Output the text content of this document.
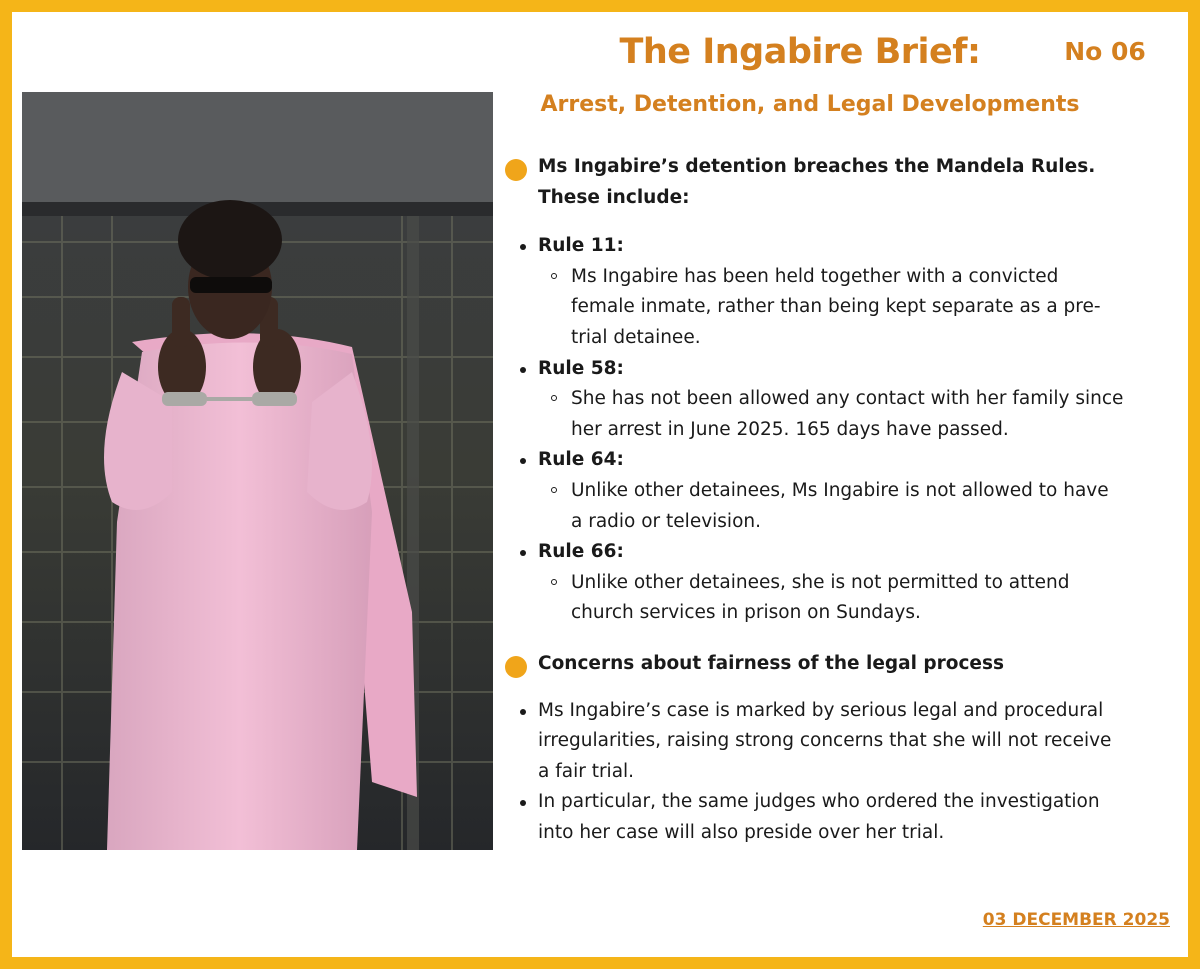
The Ingabire Brief:	No 06
Arrest, Detention, and Legal Developments
Ms Ingabire’s detention breaches the Mandela Rules. These include:
Rule 11:
Ms Ingabire has been held together with a convicted female inmate, rather than being kept separate as a pre-trial detainee.
Rule 58:
She has not been allowed any contact with her family since her arrest in June 2025. 165 days have passed.
Rule 64:
Unlike other detainees, Ms Ingabire is not allowed to have a radio or television.
Rule 66:
Unlike other detainees, she is not permitted to attend church services in prison on Sundays.
Concerns about fairness of the legal process
Ms Ingabire’s case is marked by serious legal and procedural irregularities, raising strong concerns that she will not receive a fair trial.
In particular, the same judges who ordered the investigation into her case will also preside over her trial.
03 DECEMBER 2025
